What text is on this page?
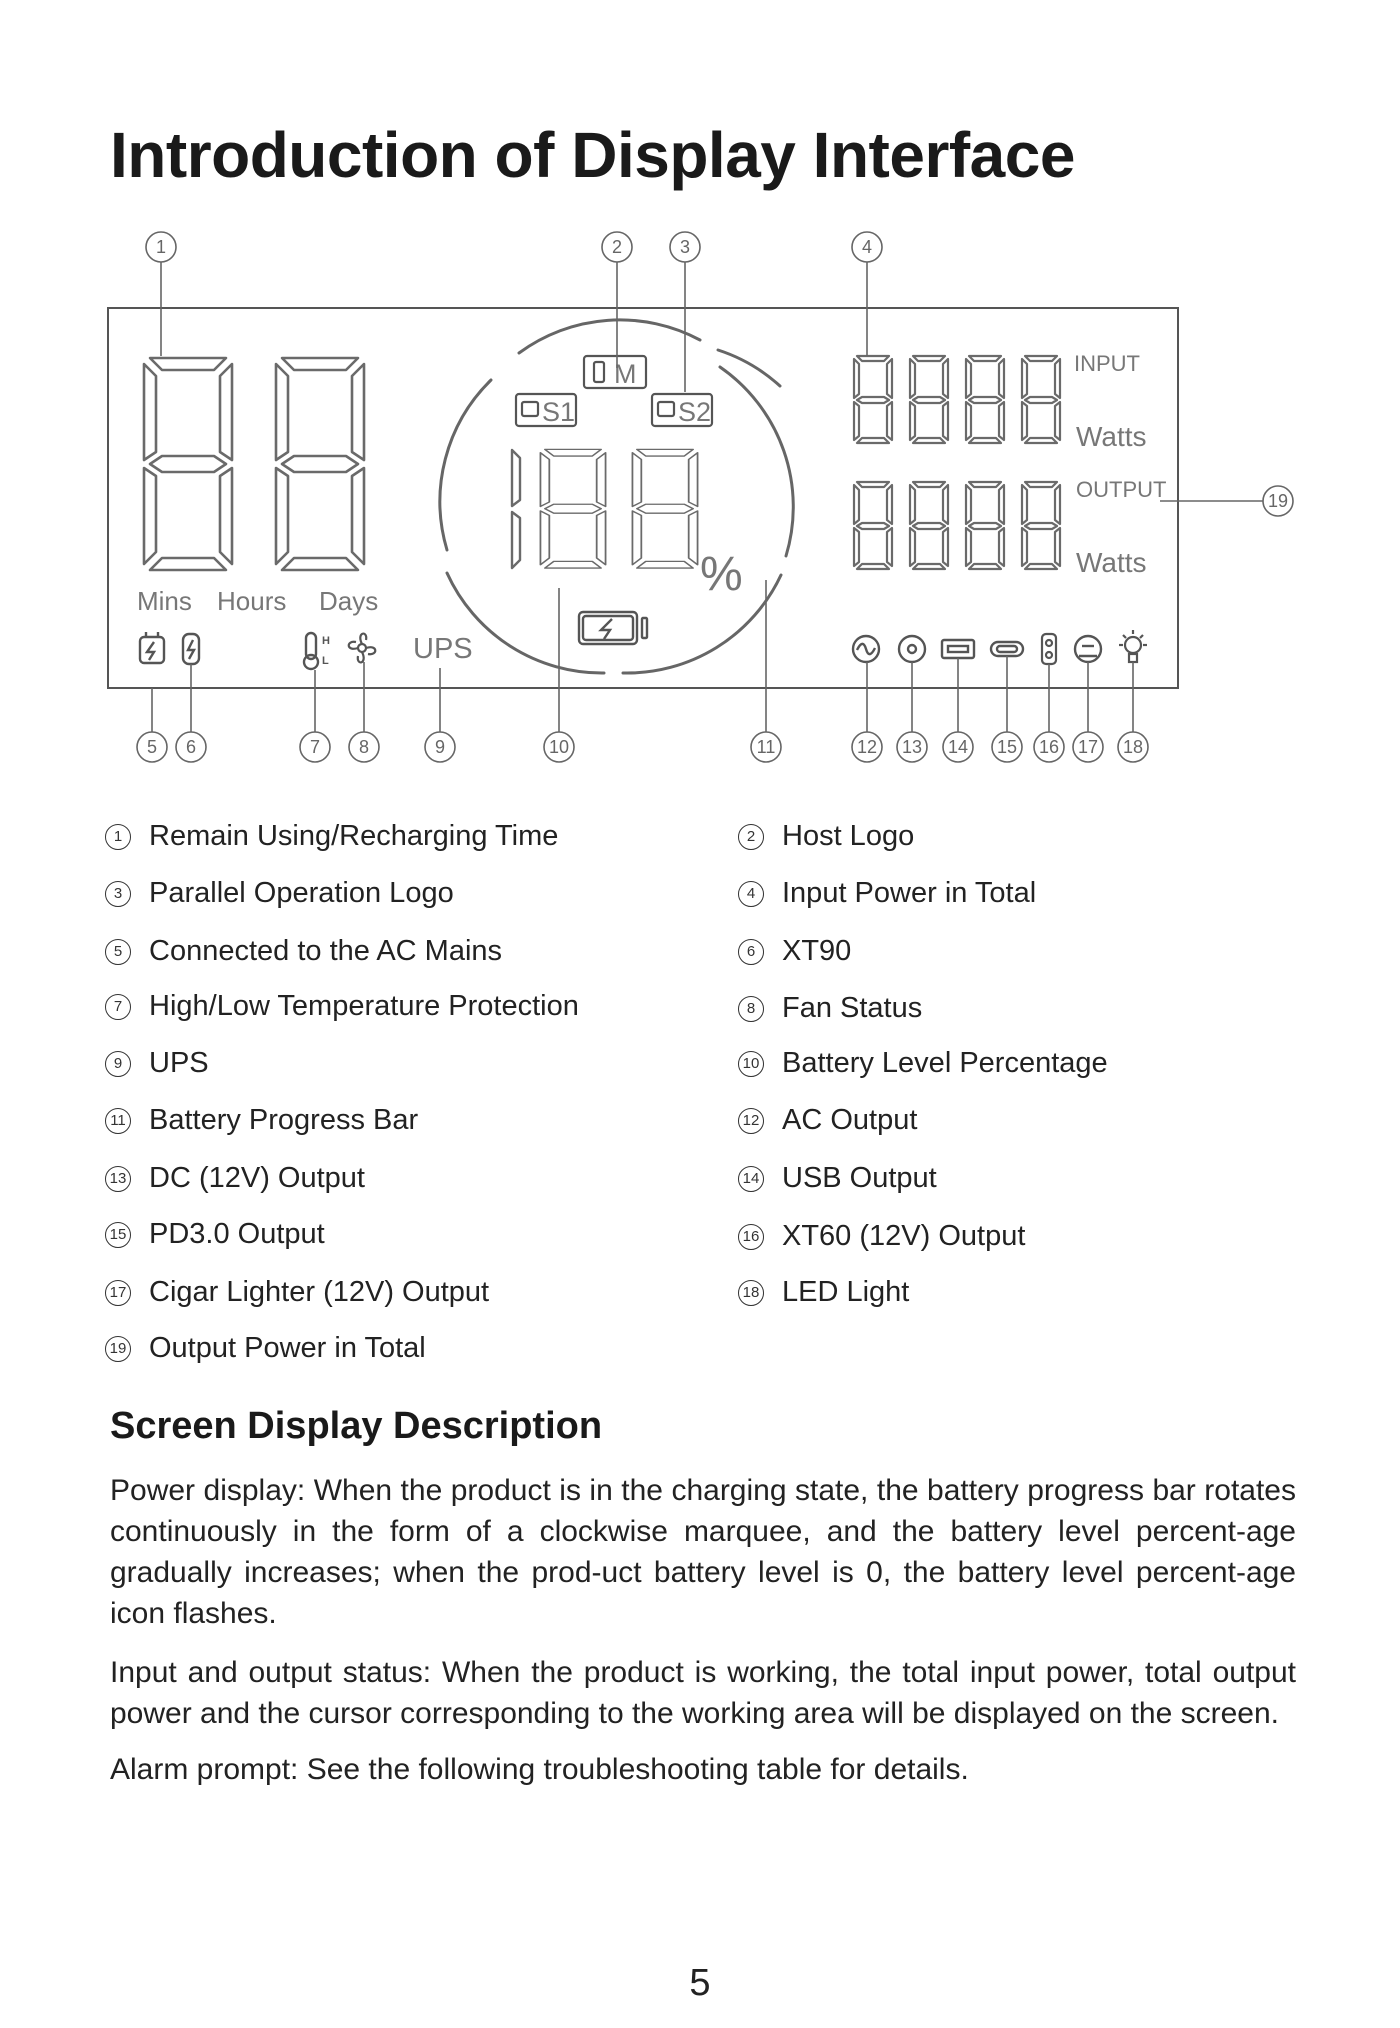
Introduction of Display Interface
Mins Hours Days
H
L	UPS
M
S1	S2
%
INPUT
Watts
OUTPUT
Watts
1	2	3	4
5 6	7 8	9	10	11	12 13 14 15 16 17 18
19
1 Remain Using/Recharging Time	2 Host Logo
3 Parallel Operation Logo	4 Input Power in Total
5 Connected to the AC Mains	6 XT90
7 High/Low Temperature Protection	8 Fan Status
9 UPS	10 Battery Level Percentage
11 Battery Progress Bar	12 AC Output
13 DC (12V) Output	14 USB Output
15 PD3.0 Output	16 XT60 (12V) Output
17 Cigar Lighter (12V) Output	18 LED Light
19 Output Power in Total
Screen Display Description

Power display: When the product is in the charging state, the battery progress bar rotates continuously in the form of a clockwise marquee, and the battery level percent-age gradually increases; when the prod-uct battery level is 0, the battery level percent-age icon flashes.

Input and output status: When the product is working, the total input power, total output power and the cursor corresponding to the working area will be displayed on the screen.

Alarm prompt: See the following troubleshooting table for details.

5
